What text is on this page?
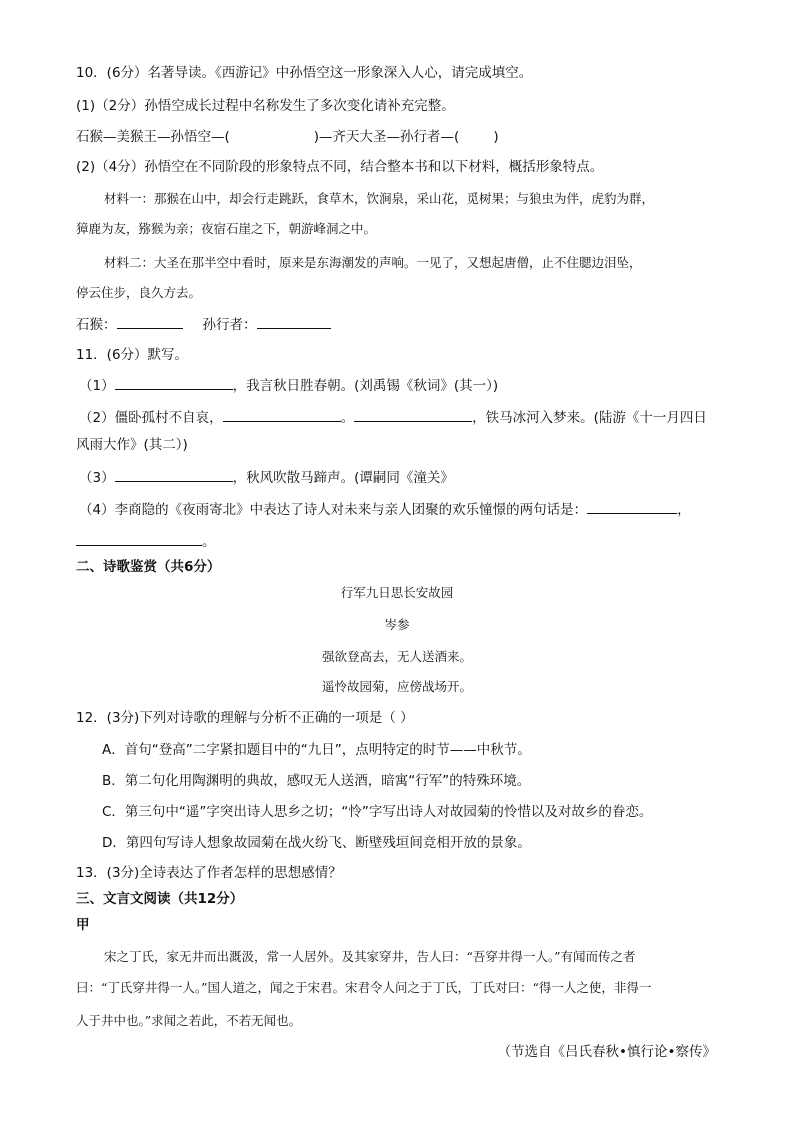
10．(6分）名著导读。《西游记》中孙悟空这一形象深入人心，请完成填空。
(1)（2分）孙悟空成长过程中名称发生了多次变化请补充完整。
石猴—美猴王—孙悟空—(	)—齐天大圣—孙行者—(	)
(2)（4分）孙悟空在不同阶段的形象特点不同，结合整本书和以下材料，概括形象特点。
材料一：那猴在山中，却会行走跳跃，食草木，饮涧泉，采山花，觅树果；与狼虫为伴，虎豹为群，
獐鹿为友，猕猴为亲；夜宿石崖之下，朝游峰洞之中。
材料二：大圣在那半空中看时，原来是东海潮发的声响。一见了，又想起唐僧，止不住腮边泪坠，
停云住步，良久方去。
石猴：	孙行者：
11．(6分）默写。
（1）	，我言秋日胜春朝。(刘禹锡《秋词》(其一）)
（2）僵卧孤村不自哀，	。	，铁马冰河入梦来。(陆游《十一月四日
风雨大作》(其二）)
（3）	，秋风吹散马蹄声。(谭嗣同《潼关》
（4）李商隐的《夜雨寄北》中表达了诗人对未来与亲人团聚的欢乐憧憬的两句话是：	，
。
二、诗歌鉴赏（共6分）
行军九日思长安故园
岑参
强欲登高去，无人送酒来。
遥怜故园菊，应傍战场开。
12．(3分)下列对诗歌的理解与分析不正确的一项是（ ）
A．首句“登高”二字紧扣题目中的“九日”，点明特定的时节——中秋节。
B．第二句化用陶渊明的典故，感叹无人送酒，暗寓“行军”的特殊环境。
C．第三句中“遥”字突出诗人思乡之切；“怜”字写出诗人对故园菊的怜惜以及对故乡的眷恋。
D．第四句写诗人想象故园菊在战火纷飞、断壁残垣间竞相开放的景象。
13．(3分)全诗表达了作者怎样的思想感情？
三、文言文阅读（共12分）
甲
宋之丁氏，家无井而出溉汲，常一人居外。及其家穿井，告人曰：“吾穿井得一人。”有闻而传之者
曰：“丁氏穿井得一人。”国人道之，闻之于宋君。宋君令人问之于丁氏，丁氏对曰：“得一人之使，非得一
人于井中也。”求闻之若此，不若无闻也。
（节选自《吕氏春秋•慎行论•察传》
